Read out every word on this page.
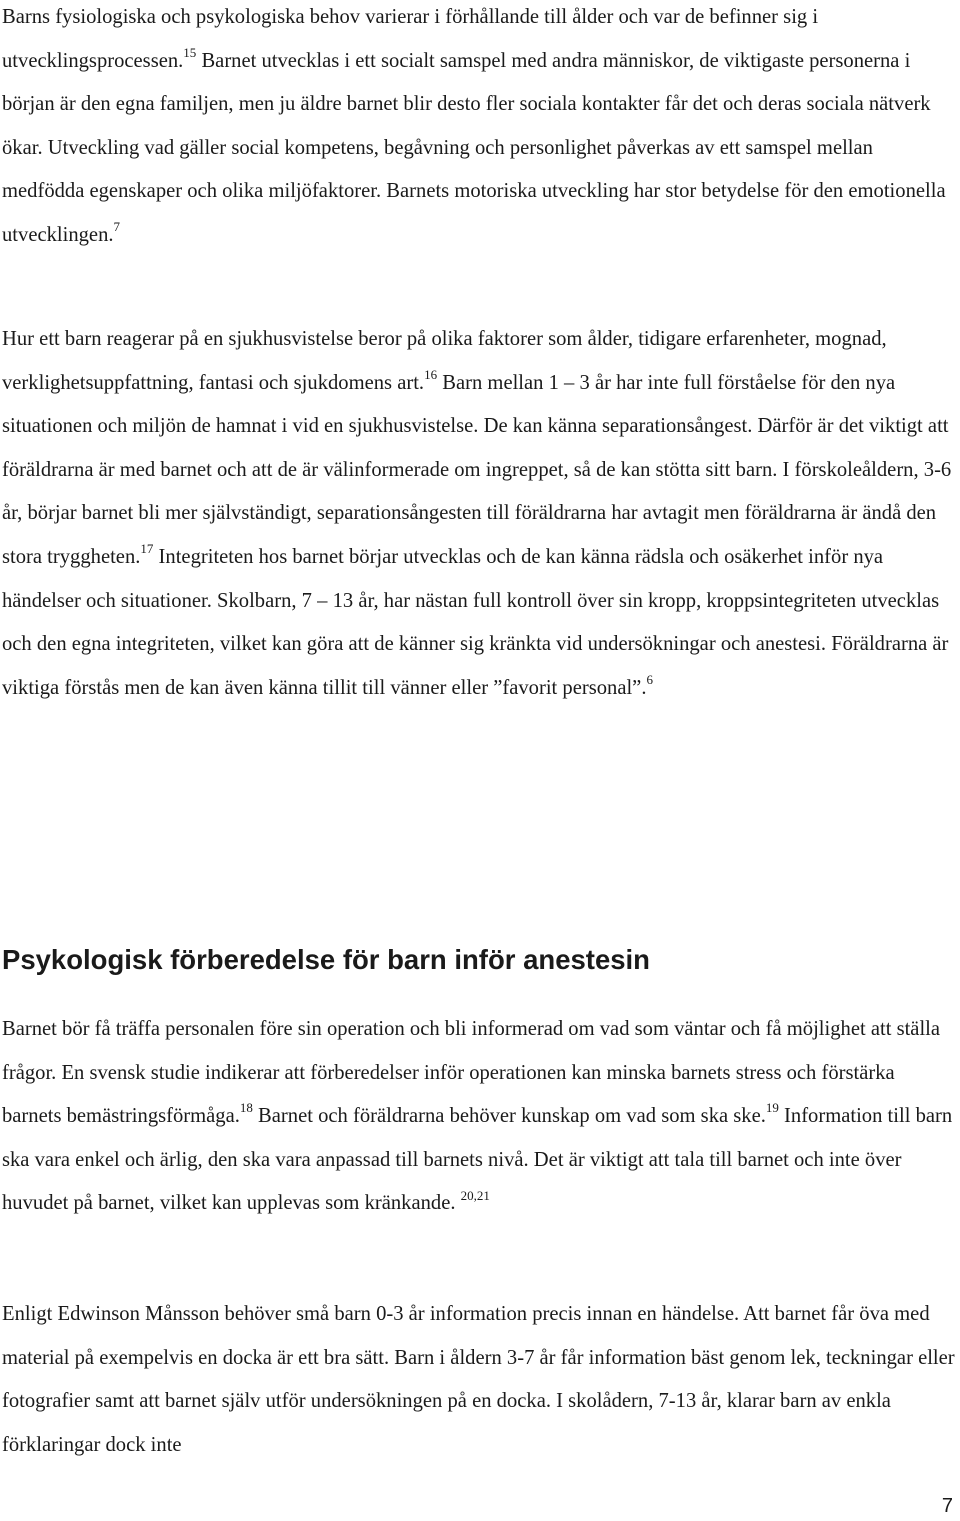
Barns fysiologiska och psykologiska behov varierar i förhållande till ålder och var de befinner sig i utvecklingsprocessen.$^{15}$ Barnet utvecklas i ett socialt samspel med andra människor, de viktigaste personerna i början är den egna familjen, men ju äldre barnet blir desto fler sociala kontakter får det och deras sociala nätverk ökar. Utveckling vad gäller social kompetens, begåvning och personlighet påverkas av ett samspel mellan medfödda egenskaper och olika miljöfaktorer. Barnets motoriska utveckling har stor betydelse för den emotionella utvecklingen.$^7$

Hur ett barn reagerar på en sjukhusvistelse beror på olika faktorer som ålder, tidigare erfarenheter, mognad, verklighetsuppfattning, fantasi och sjukdomens art.$^{16}$ Barn mellan 1 – 3 år har inte full förståelse för den nya situationen och miljön de hamnat i vid en sjukhusvistelse. De kan känna separationsångest. Därför är det viktigt att föräldrarna är med barnet och att de är välinformerade om ingreppet, så de kan stötta sitt barn. I förskoleåldern, 3-6 år, börjar barnet bli mer självständigt, separationsångesten till föräldrarna har avtagit men föräldrarna är ändå den stora tryggheten.$^{17}$ Integriteten hos barnet börjar utvecklas och de kan känna rädsla och osäkerhet inför nya händelser och situationer. Skolbarn, 7 – 13 år, har nästan full kontroll över sin kropp, kroppsintegriteten utvecklas och den egna integriteten, vilket kan göra att de känner sig kränkta vid undersökningar och anestesi. Föräldrarna är viktiga förstås men de kan även känna tillit till vänner eller ”favorit personal”.$^6$

Psykologisk förberedelse för barn inför anestesin

Barnet bör få träffa personalen före sin operation och bli informerad om vad som väntar och få möjlighet att ställa frågor. En svensk studie indikerar att förberedelser inför operationen kan minska barnets stress och förstärka barnets bemästringsförmåga.$^{18}$ Barnet och föräldrarna behöver kunskap om vad som ska ske.$^{19}$ Information till barn ska vara enkel och ärlig, den ska vara anpassad till barnets nivå. Det är viktigt att tala till barnet och inte över huvudet på barnet, vilket kan upplevas som kränkande. $^{20,21}$

Enligt Edwinson Månsson behöver små barn 0-3 år information precis innan en händelse. Att barnet får öva med material på exempelvis en docka är ett bra sätt. Barn i åldern 3-7 år får information bäst genom lek, teckningar eller fotografier samt att barnet själv utför undersökningen på en docka. I skolådern, 7-13 år, klarar barn av enkla förklaringar dock inte

7
